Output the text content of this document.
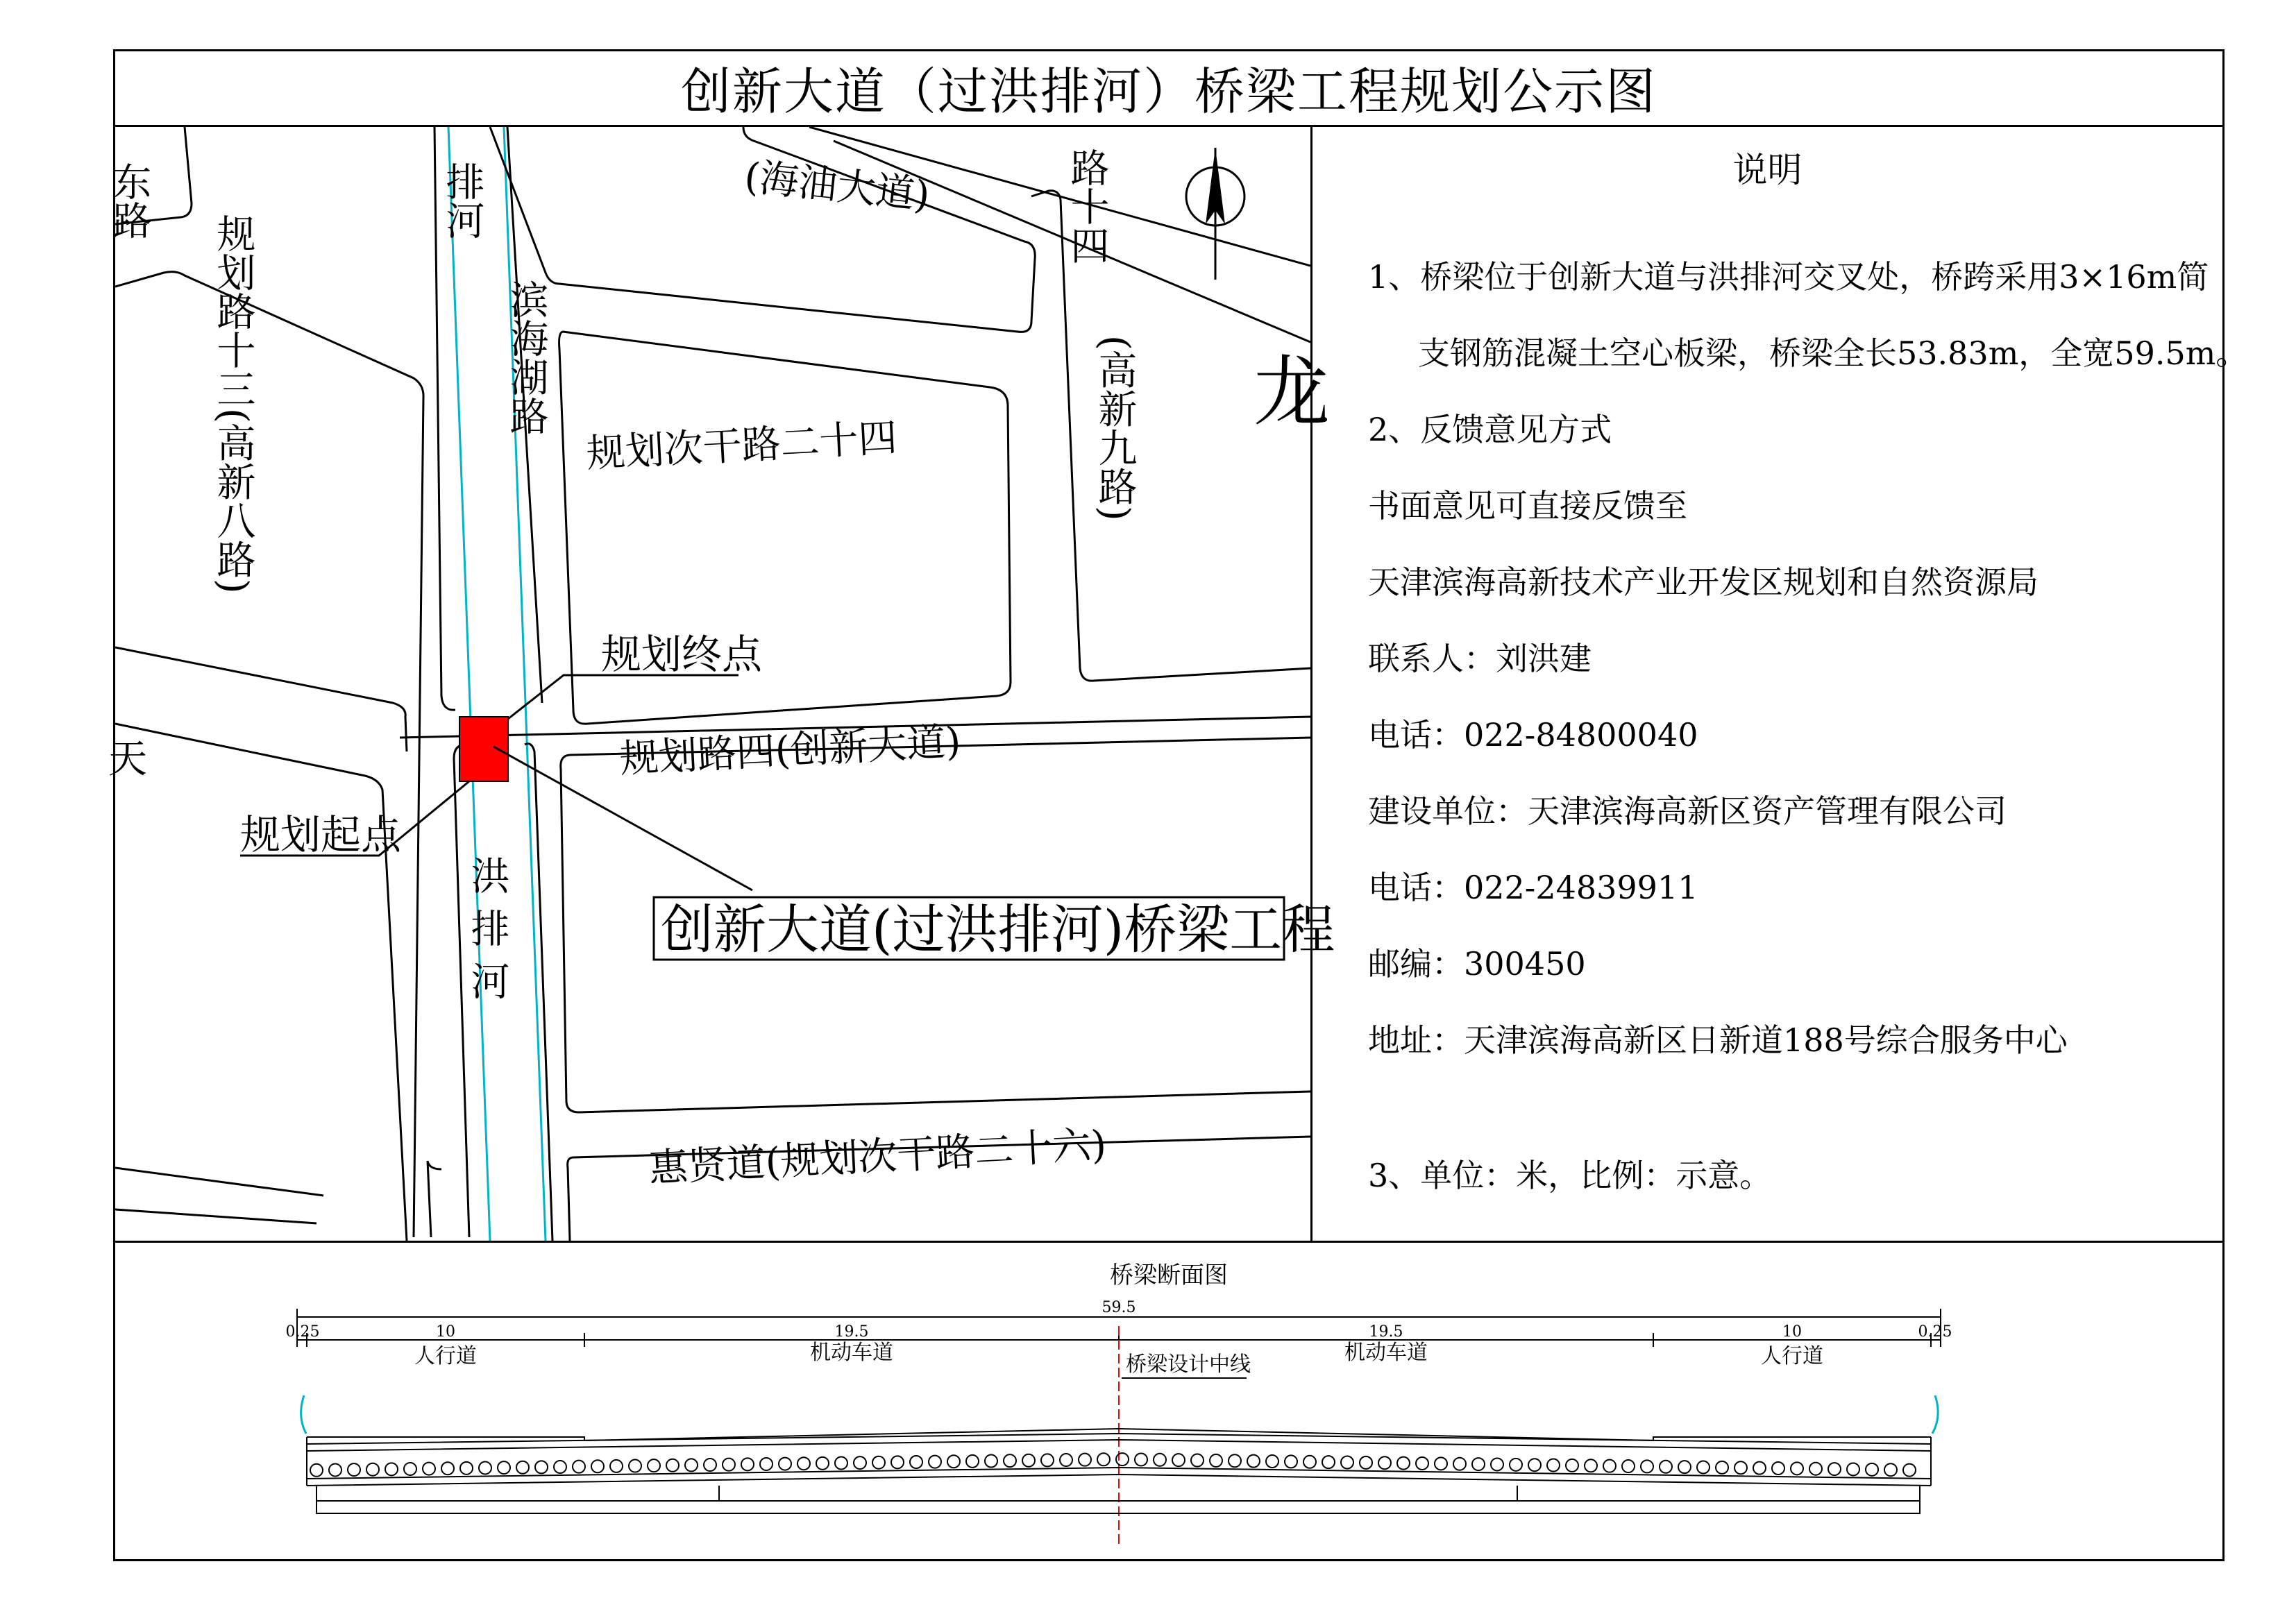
创新大道（过洪排河）桥梁工程规划公示图
东路	(海油大道)	路十四
(高新九路)
规划路十三(高新八路)
排河
滨海湖路
规划次干路二十四
规划路四(创新大道)
洪排河
惠贤道(规划次干路二十六)
天
龙
规划终点
规划起点
创新大道(过洪排河)桥梁工程
说明
1、桥梁位于创新大道与洪排河交叉处，桥跨采用3×16m简
支钢筋混凝土空心板梁，桥梁全长53.83m，全宽59.5m。
2、反馈意见方式
书面意见可直接反馈至
天津滨海高新技术产业开发区规划和自然资源局
联系人：刘洪建
电话：022-84800040
建设单位：天津滨海高新区资产管理有限公司
电话：022-24839911
邮编：300450
地址：天津滨海高新区日新道188号综合服务中心
3、单位：米，比例：示意。
桥梁断面图
59.5
0.25	0.25
10	19.5	19.5	10
人行道	机动车道	机动车道	人行道
桥梁设计中线
